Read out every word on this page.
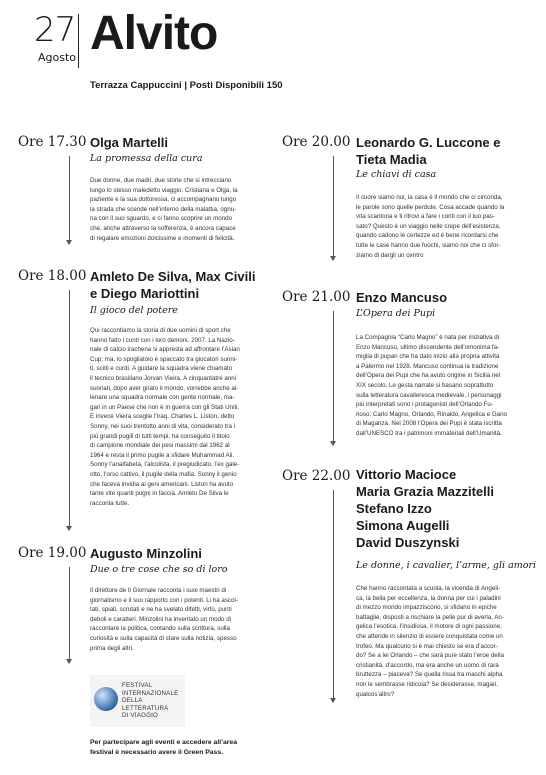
27
Agosto Alvito
Terrazza Cappuccini | Posti Disponibili 150
Ore 17.30 Olga Martelli
La promessa della cura
Due donne, due madri, due storie che si intrecciano
lungo lo stesso maledetto viaggio. Cristiana e Olga, la
paziente e la sua dottoressa, ci accompagnano lungo
la strada che scende nell’inferno della malattia, ognu-
na con il suo sguardo, e ci fanno scoprire un mondo
che, anche attraverso la sofferenza, è ancora capace
di regalare emozioni dolcissime e momenti di felicità.
Ore 18.00 Amleto De Silva, Max Civili
e Diego Mariottini
Il gioco del potere
Qui raccontiamo la storia di due uomini di sport che
hanno fatto i conti con i loro demoni. 2007. La Nazio-
nale di calcio irachena si appresta ad affrontare l’Asian
Cup; ma, lo spogliatoio è spaccato tra giocatori sunni-
ti, sciiti e curdi. A guidare la squadra viene chiamato
il tecnico brasiliano Jorvan Vieira. A cinquantatré anni
suonati, dopo aver girato il mondo, vorrebbe anche al-
lenare una squadra normale con gente normale, ma-
gari in un Paese che non è in guerra con gli Stati Uniti.
E invece Vieira sceglie l’Iraq. Charles L. Liston, detto
Sonny, nei suoi trentotto anni di vita, considerato tra i
più grandi pugili di tutti tempi, ha conseguito il titolo
di campione mondiale dei pesi massimi dal 1962 al
1964 e resta il primo pugile a sfidare Muhammad Ali.
Sonny l’analfabeta, l’alcolista, il pregiudicato, l’ex gale-
otto, l’orso cattivo, il pugile della mafia. Sonny il genio
che faceva invidia ai geni americani. Liston ha avuto
tante vite quanti pugni in faccia. Amleto De Silva le
racconta tutte.
Ore 19.00 Augusto Minzolini
Due o tre cose che so di loro
Il direttore de Il Giornale racconta i suoi maestri di
giornalismo e il suo rapporto con i potenti. Li ha ascol-
tati, spiati, scrutati e ne ha svelato difetti, virtù, punti
deboli e caratteri. Minzolini ha inventato un modo di
raccontare la politica, contando sulla scrittura, sulla
curiosità e sulla capacità di stare sulla notizia, spesso
prima degli altri.
Ore 20.00 Leonardo G. Luccone e
Tieta Madia
Le chiavi di casa
Il cuore siamo noi, la casa è il mondo che ci circonda,
le parole sono quelle perdute. Cosa accade quando la
vita scantona e ti ritrovi a fare i conti con il tuo pas-
sato? Questo è un viaggio nelle crepe dell’esistenza,
quando cadono le certezze ed è bene ricordarsi che
tutte le case hanno due fuochi, siamo noi che ci sfor-
ziamo di dargli un centro
Ore 21.00 Enzo Mancuso
L’Opera dei Pupi
La Compagnia “Carlo Magno” è nata per iniziativa di
Enzo Mancuso, ultimo discendente dell’omonima fa-
miglia di pupari che ha dato inizio alla propria attività
a Palermo nel 1928. Mancuso continua la tradizione
dell’Opera dei Pupi che ha avuto origine in Sicilia nel
XIX secolo. Le gesta narrate si basano soprattutto
sulla letteratura cavalleresca medievale, i personaggi
più interpretati sono i protagonisti dell’Orlando Fu-
rioso: Carlo Magno, Orlando, Rinaldo, Angelica e Gano
di Maganza. Nel 2008 l’Opera dei Pupi è stata iscritta
dall’UNESCO tra i patrimoni immateriali dell’Umanità.
Ore 22.00 Vittorio Macioce
Maria Grazia Mazzitelli
Stefano Izzo
Simona Augelli
David Duszynski
Le donne, i cavalier, l’arme, gli amori
Che hanno raccontata a scuola, la vicenda di Angeli-
ca, la bella per eccellenza, la donna per cui i paladini
di mezzo mondo impazziscono, si sfidano in epiche
battaglie, disposti a rischiare la pelle pur di averla. An-
gelica l’esotica, l’insidiosa, il motore di ogni passione,
che attende in silenzio di essere conquistata come un
trofeo. Ma qualcuno si è mai chiesto se era d’accor-
do? Se a lei Orlando – che sarà pure stato l’eroe della
cristianità, d’accordo, ma era anche un uomo di rara
bruttezza – piaceva? Se quella rissa tra maschi alpha
non le sembrasse ridicola? Se desiderasse, magari,
qualcos’altro?
FESTIVAL
INTERNAZIONALE
DELLA LETTERATURA
DI VIAGGIO
Per partecipare agli eventi e accedere all’area
festival è necessario avere il Green Pass.
